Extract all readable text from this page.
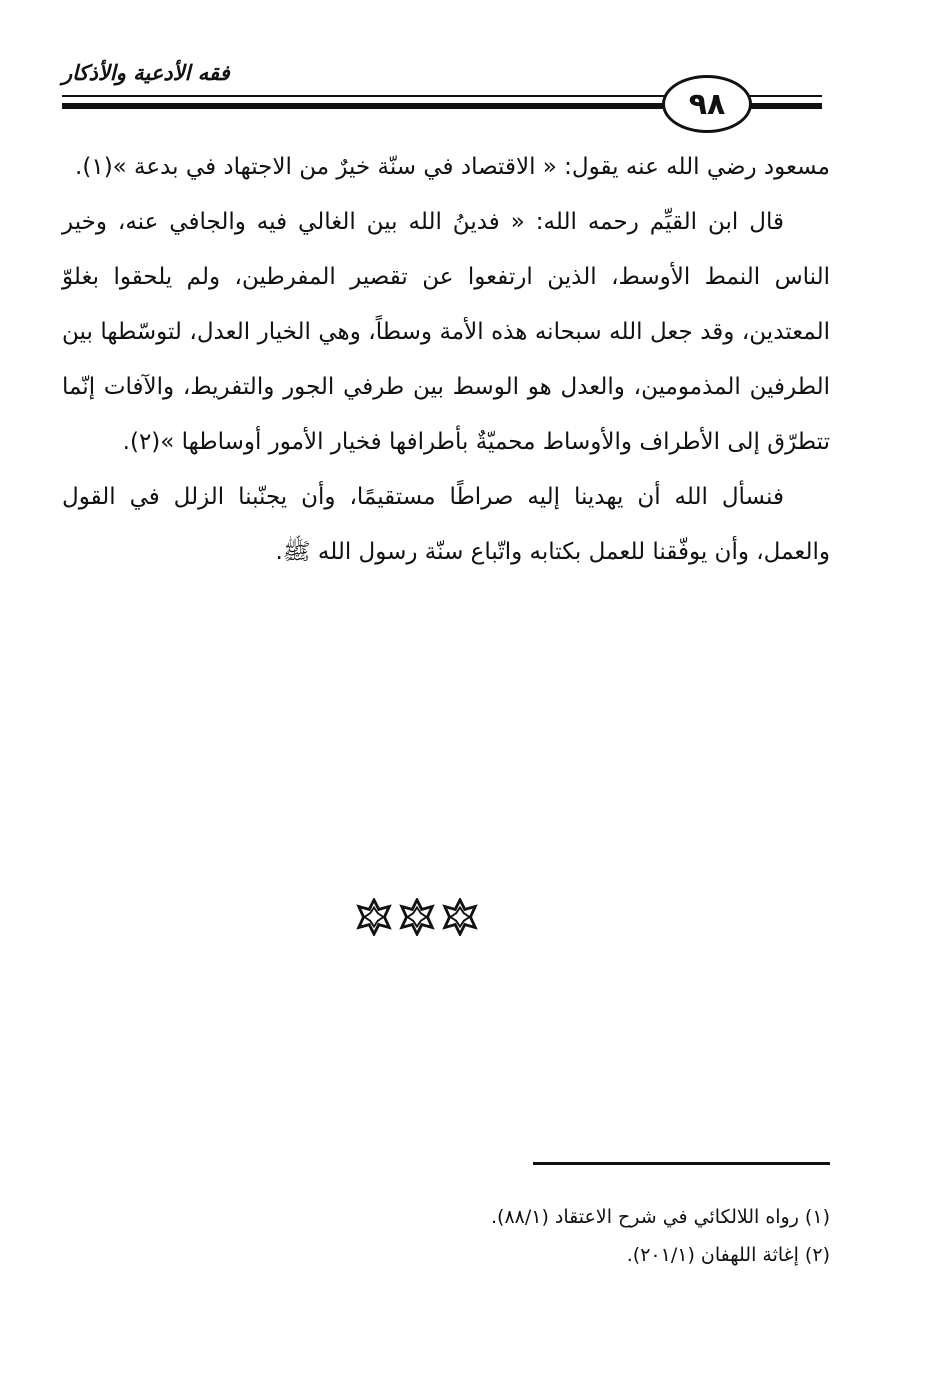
فقه الأدعية والأذكار
٩٨

مسعود رضي الله عنه يقول: « الاقتصاد في سنّة خيرٌ من الاجتهاد في بدعة »(١).

قال ابن القيِّم رحمه الله: « فدينُ الله بين الغالي فيه والجافي عنه، وخير الناس النمط الأوسط، الذين ارتفعوا عن تقصير المفرطين، ولم يلحقوا بغلوّ المعتدين، وقد جعل الله سبحانه هذه الأمة وسطاً، وهي الخيار العدل، لتوسّطها بين الطرفين المذمومين، والعدل هو الوسط بين طرفي الجور والتفريط، والآفات إنّما تتطرّق إلى الأطراف والأوساط محميّةٌ بأطرافها فخيار الأمور أوساطها »(٢).

فنسأل الله أن يهدينا إليه صراطًا مستقيمًا، وأن يجنّبنا الزلل في القول والعمل، وأن يوفّقنا للعمل بكتابه واتّباع سنّة رسول الله ﷺ.

(١) رواه اللالكائي في شرح الاعتقاد (٨٨/١).
(٢) إغاثة اللهفان (٢٠١/١).
